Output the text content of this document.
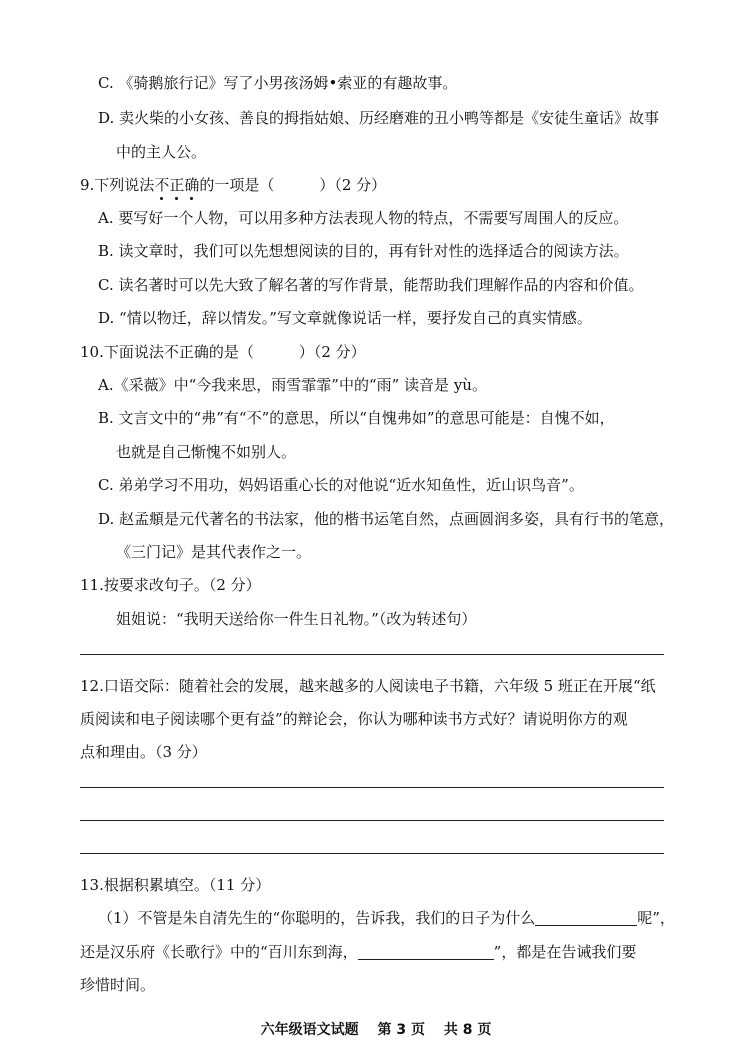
C. 《骑鹅旅行记》写了小男孩汤姆•索亚的有趣故事。
D. 卖火柴的小女孩、善良的拇指姑娘、历经磨难的丑小鸭等都是《安徒生童话》故事
中的主人公。
9.下列说法不正确的一项是（　　　）（2 分）
A. 要写好一个人物，可以用多种方法表现人物的特点，不需要写周围人的反应。
B. 读文章时，我们可以先想想阅读的目的，再有针对性的选择适合的阅读方法。
C. 读名著时可以先大致了解名著的写作背景，能帮助我们理解作品的内容和价值。
D. “情以物迁，辞以情发。”写文章就像说话一样，要抒发自己的真实情感。
10.下面说法不正确的是（　　　）（2 分）
A.《采薇》中“今我来思，雨雪霏霏”中的“雨” 读音是 yù。
B. 文言文中的“弗”有“不”的意思，所以“自愧弗如”的意思可能是：自愧不如，
也就是自己惭愧不如别人。
C. 弟弟学习不用功，妈妈语重心长的对他说“近水知鱼性，近山识鸟音”。
D. 赵孟頫是元代著名的书法家，他的楷书运笔自然，点画圆润多姿，具有行书的笔意，
《三门记》是其代表作之一。
11.按要求改句子。（2 分）
姐姐说：“我明天送给你一件生日礼物。”（改为转述句）
12.口语交际：随着社会的发展，越来越多的人阅读电子书籍，六年级 5 班正在开展“纸
质阅读和电子阅读哪个更有益”的辩论会，你认为哪种读书方式好？请说明你方的观
点和理由。（3 分）
13.根据积累填空。（11 分）
（1）不管是朱自清先生的“你聪明的，告诉我，我们的日子为什么	呢”，
还是汉乐府《长歌行》中的“百川东到海，	”，都是在告诫我们要
珍惜时间。
六年级语文试题 第 3 页 共 8 页
